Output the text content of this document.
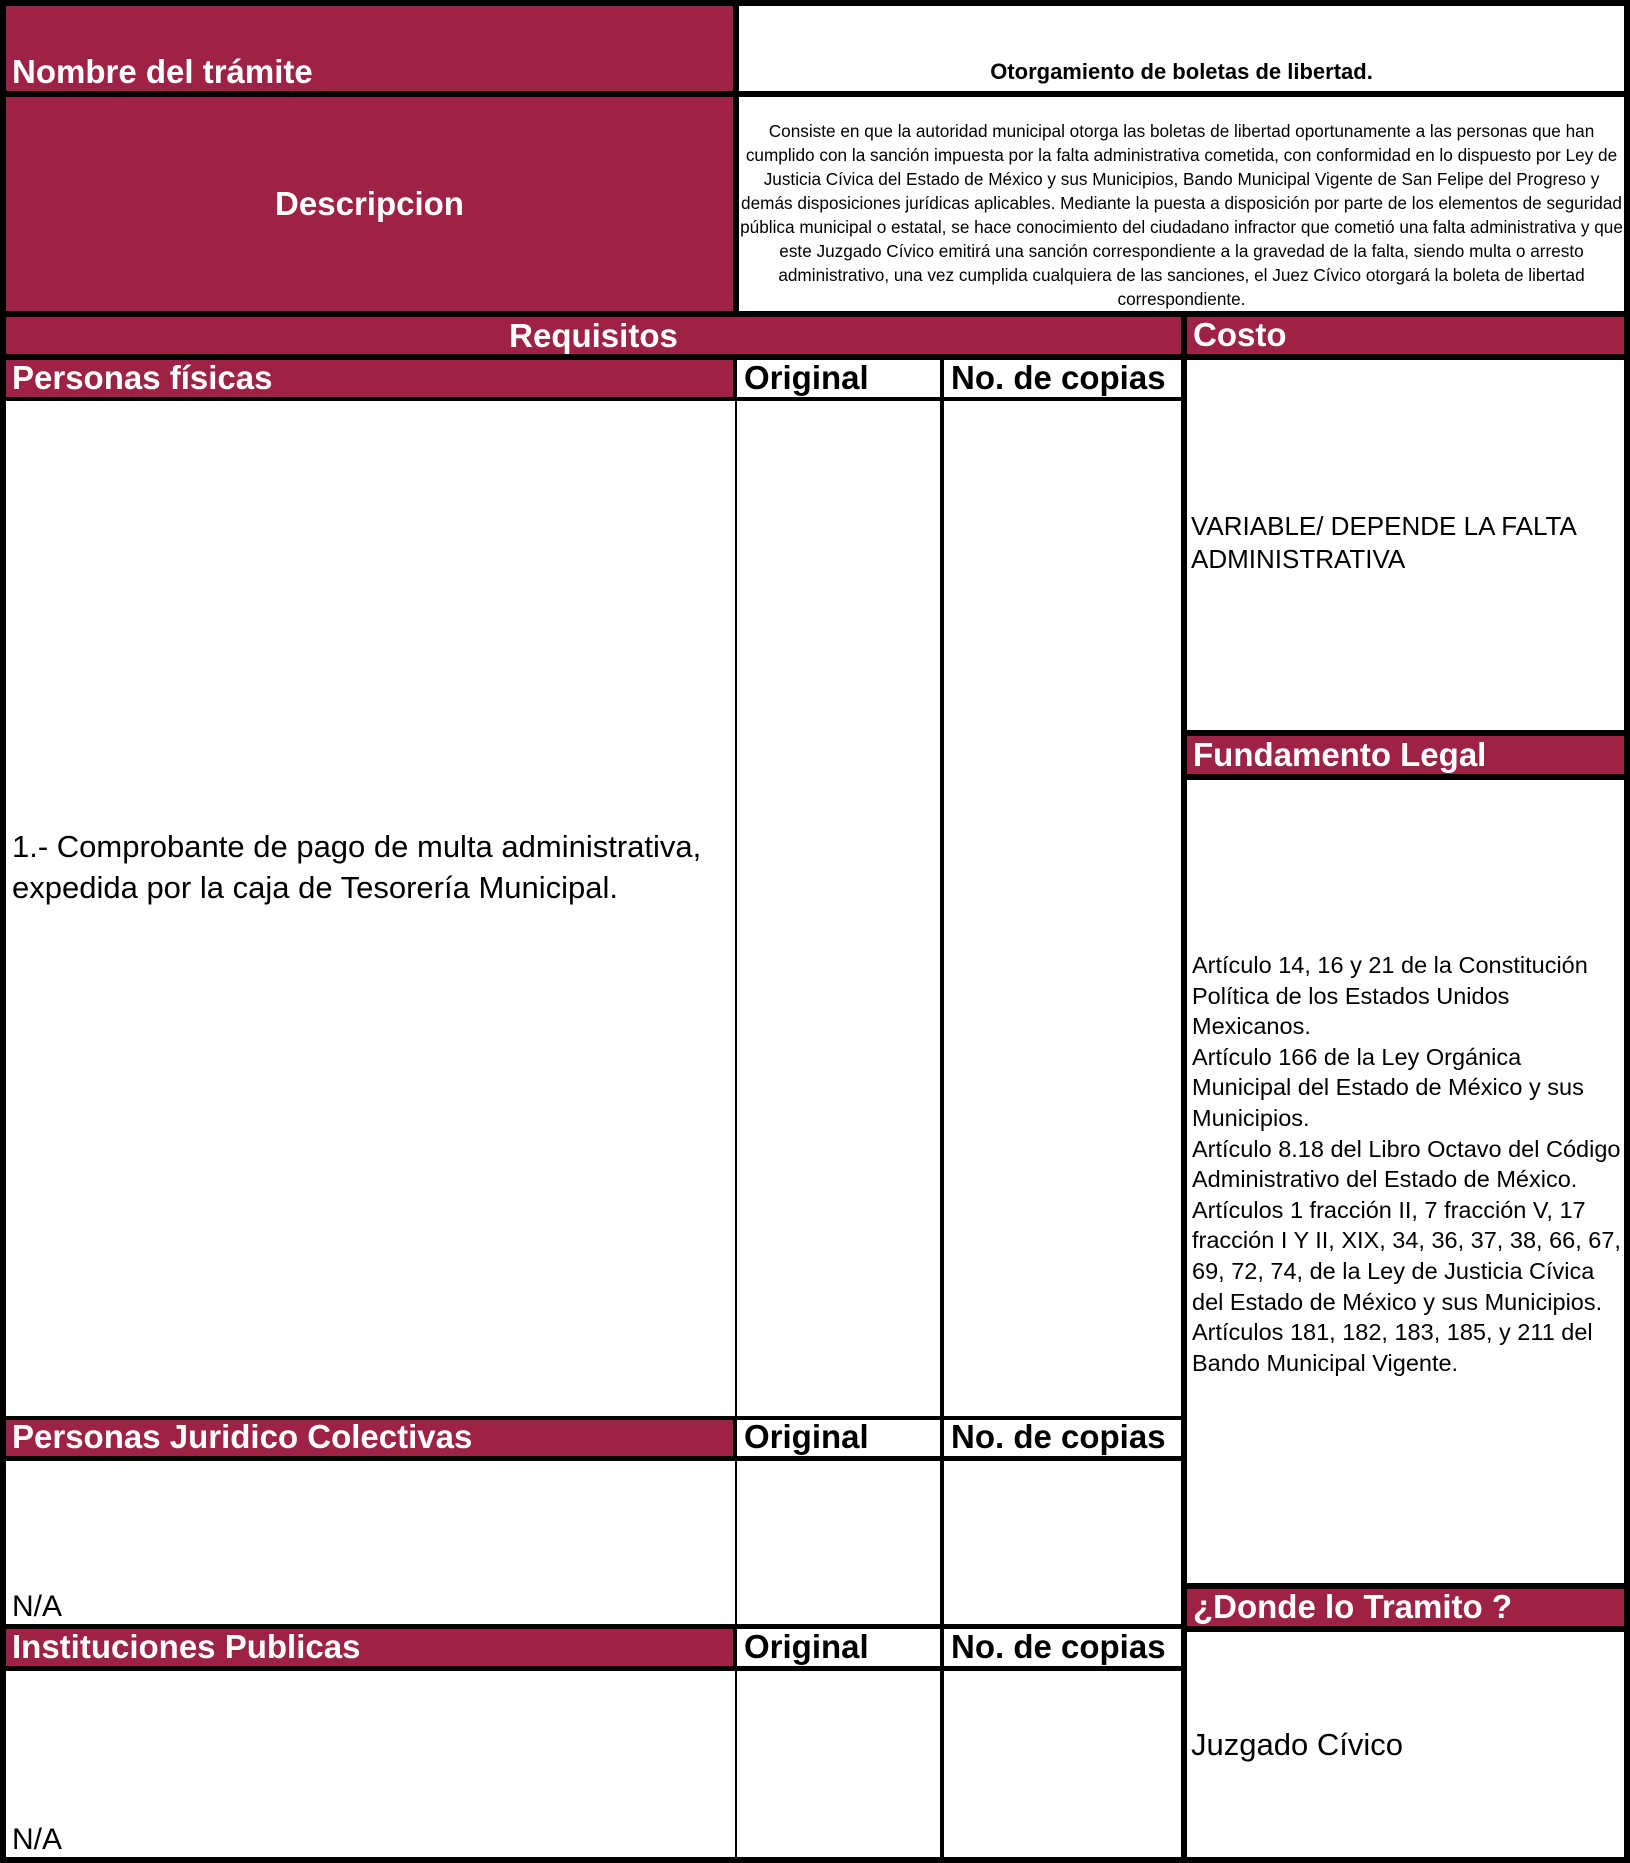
Nombre del trámite	Otorgamiento de boletas de libertad.
Descripcion
Consiste en que la autoridad municipal otorga las boletas de libertad oportunamente a las personas que han cumplido con la sanción impuesta por la falta administrativa cometida, con conformidad en lo dispuesto por Ley de Justicia Cívica del Estado de México y sus Municipios, Bando Municipal Vigente de San Felipe del Progreso y demás disposiciones jurídicas aplicables. Mediante la puesta a disposición por parte de los elementos de seguridad pública municipal o estatal, se hace conocimiento del ciudadano infractor que cometió una falta administrativa y que este Juzgado Cívico emitirá una sanción correspondiente a la gravedad de la falta, siendo multa o arresto administrativo, una vez cumplida cualquiera de las sanciones, el Juez Cívico otorgará la boleta de libertad correspondiente.
Requisitos
Personas físicas	Original No. de copias
1.- Comprobante de pago de multa administrativa, expedida por la caja de Tesorería Municipal.
Personas Juridico Colectivas	Original No. de copias
N/A
Instituciones Publicas	Original No. de copias
N/A
Costo
VARIABLE/ DEPENDE LA FALTA ADMINISTRATIVA
Fundamento Legal
Artículo 14, 16 y 21 de la Constitución Política de los Estados Unidos Mexicanos.
Artículo 166 de la Ley Orgánica Municipal del Estado de México y sus Municipios.
Artículo 8.18 del Libro Octavo del Código Administrativo del Estado de México.
Artículos 1 fracción II, 7 fracción V, 17 fracción I Y II, XIX, 34, 36, 37, 38, 66, 67, 69, 72, 74, de la Ley de Justicia Cívica del Estado de México y sus Municipios.
Artículos 181, 182, 183, 185, y 211 del Bando Municipal Vigente.
¿Donde lo Tramito ?
Juzgado Cívico
